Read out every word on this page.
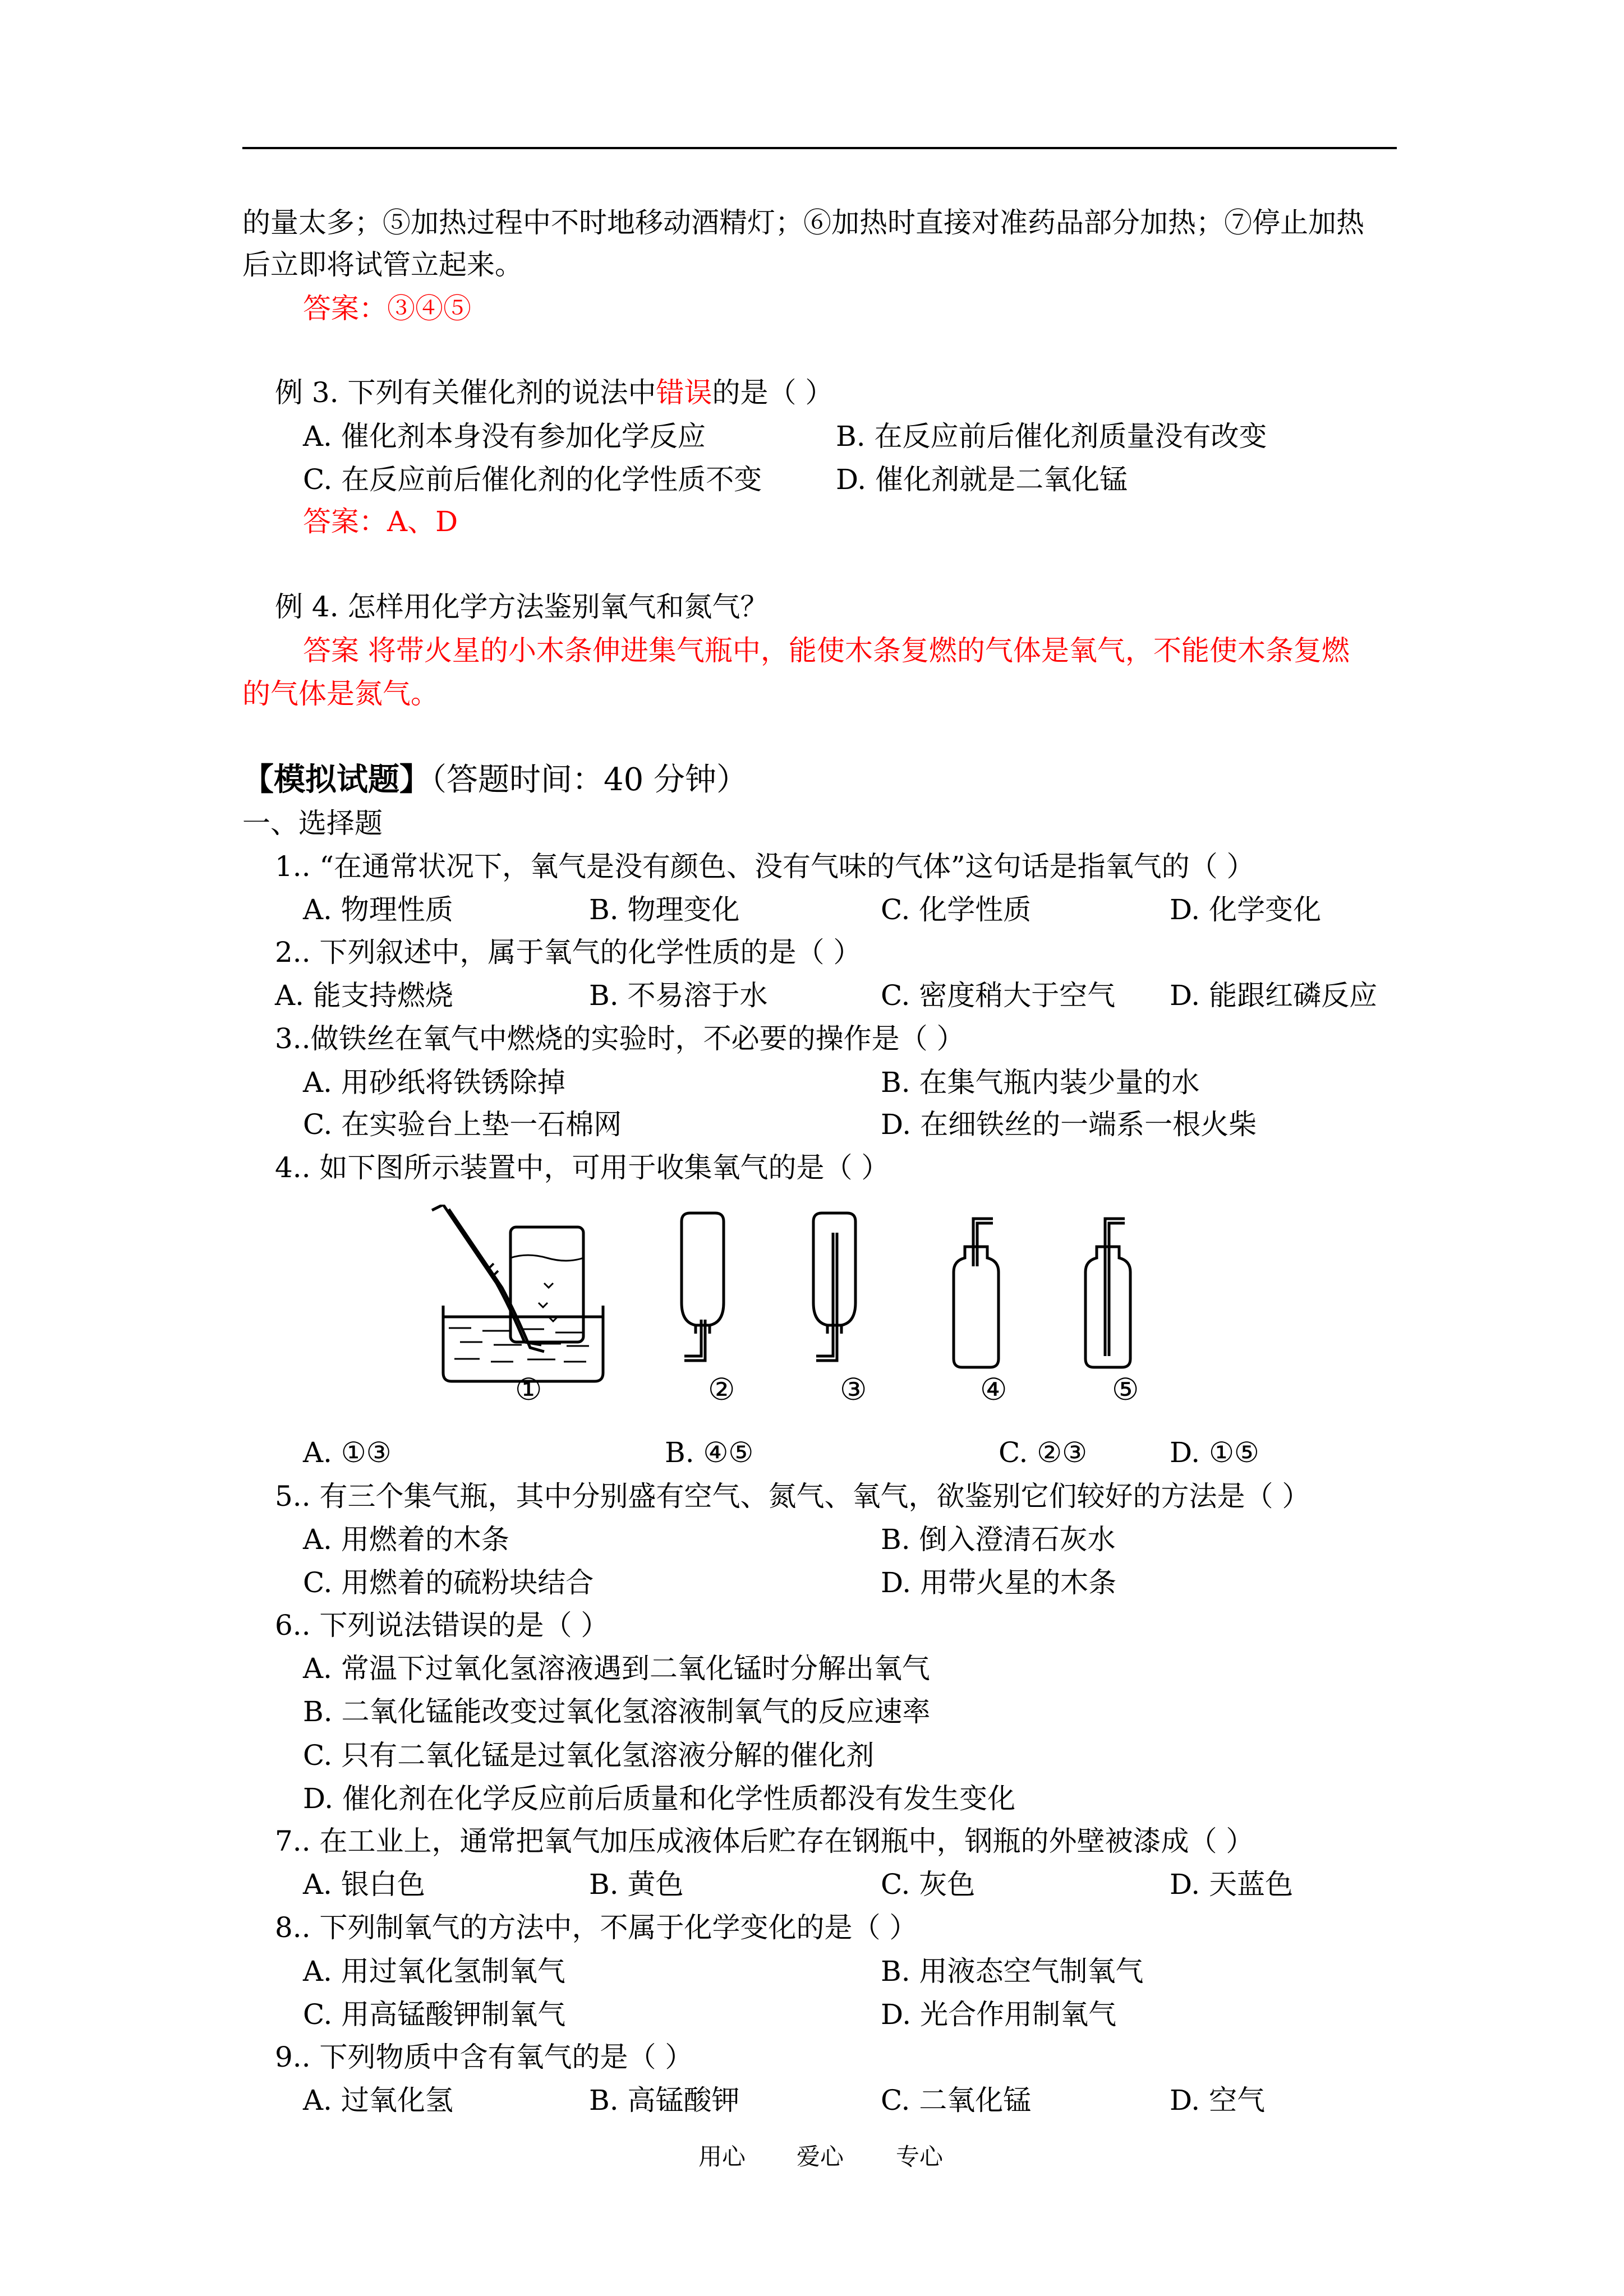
的量太多；⑤加热过程中不时地移动酒精灯；⑥加热时直接对准药品部分加热；⑦停止加热
后立即将试管立起来。
答案：③④⑤
例 3. 下列有关催化剂的说法中错误的是（ ）
A. 催化剂本身没有参加化学反应	B. 在反应前后催化剂质量没有改变
C. 在反应前后催化剂的化学性质不变	D. 催化剂就是二氧化锰
答案：A、D
例 4. 怎样用化学方法鉴别氧气和氮气？
答案 将带火星的小木条伸进集气瓶中，能使木条复燃的气体是氧气，不能使木条复燃
的气体是氮气。
【模拟试题】（答题时间：40 分钟）
一、选择题
1.. “在通常状况下，氧气是没有颜色、没有气味的气体”这句话是指氧气的（ ）
A. 物理性质	B. 物理变化	C. 化学性质	D. 化学变化
2.. 下列叙述中，属于氧气的化学性质的是（ ）
A. 能支持燃烧	B. 不易溶于水	C. 密度稍大于空气 D. 能跟红磷反应
3..做铁丝在氧气中燃烧的实验时，不必要的操作是（ ）
A. 用砂纸将铁锈除掉	B. 在集气瓶内装少量的水
C. 在实验台上垫一石棉网	D. 在细铁丝的一端系一根火柴
4.. 如下图所示装置中，可用于收集氧气的是（ ）
①	②	③	④	⑤
A. ①③	B. ④⑤	C. ②③	D. ①⑤
5.. 有三个集气瓶，其中分别盛有空气、氮气、氧气，欲鉴别它们较好的方法是（ ）
A. 用燃着的木条	B. 倒入澄清石灰水
C. 用燃着的硫粉块结合	D. 用带火星的木条
6.. 下列说法错误的是（ ）
A. 常温下过氧化氢溶液遇到二氧化锰时分解出氧气
B. 二氧化锰能改变过氧化氢溶液制氧气的反应速率
C. 只有二氧化锰是过氧化氢溶液分解的催化剂
D. 催化剂在化学反应前后质量和化学性质都没有发生变化
7.. 在工业上，通常把氧气加压成液体后贮存在钢瓶中，钢瓶的外壁被漆成（ ）
A. 银白色	B. 黄色	C. 灰色	D. 天蓝色
8.. 下列制氧气的方法中，不属于化学变化的是（ ）
A. 用过氧化氢制氧气	B. 用液态空气制氧气
C. 用高锰酸钾制氧气	D. 光合作用制氧气
9.. 下列物质中含有氧气的是（ ）
A. 过氧化氢	B. 高锰酸钾	C. 二氧化锰	D. 空气
用心 爱心 专心
